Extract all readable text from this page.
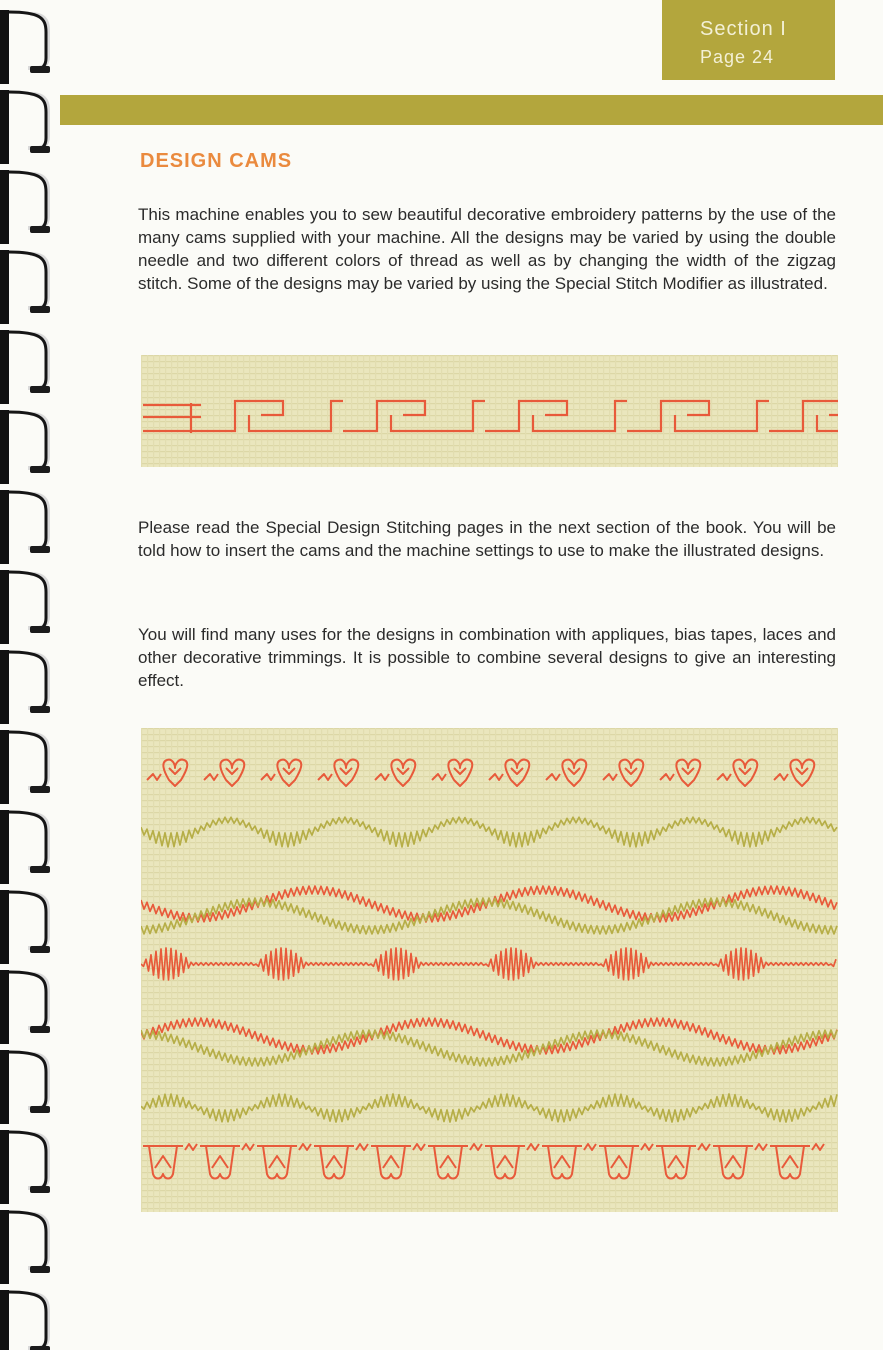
Section I
Page 24
DESIGN CAMS

This machine enables you to sew beautiful decorative embroidery patterns by the use of the many cams supplied with your machine. All the designs may be varied by using the double needle and two different colors of thread as well as by changing the width of the zigzag stitch. Some of the designs may be varied by using the Special Stitch Modifier as illustrated.

Please read the Special Design Stitching pages in the next section of the book. You will be told how to insert the cams and the machine settings to use to make the illustrated designs.

You will find many uses for the designs in combination with appliques, bias tapes, laces and other decorative trimmings. It is possible to combine several designs to give an interesting effect.
